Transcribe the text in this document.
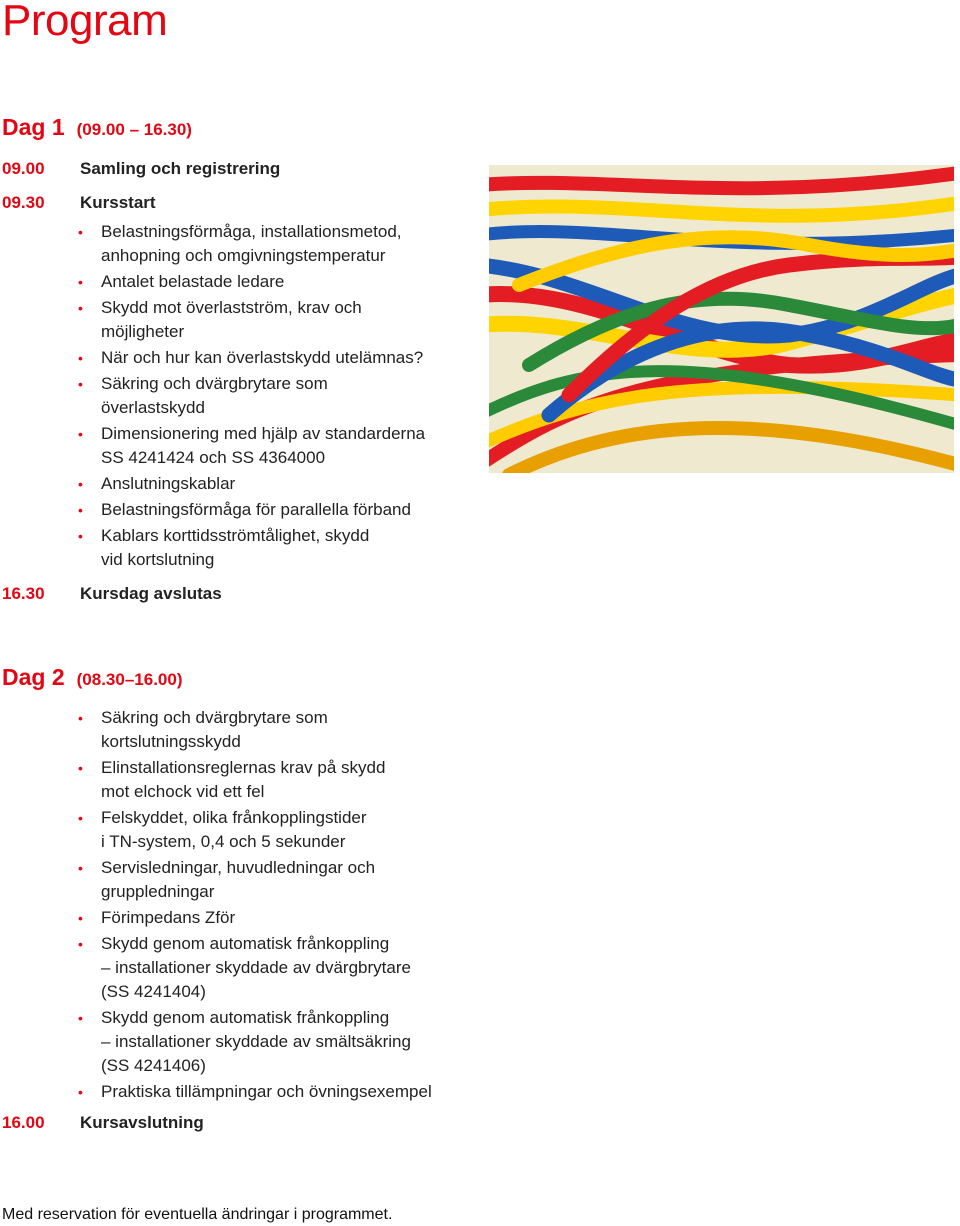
Program
Dag 1 (09.00 – 16.30)
09.00 Samling och registrering
09.30 Kursstart
• Belastningsförmåga, installationsmetod,
anhopning och omgivningstemperatur
• Antalet belastade ledare
• Skydd mot överlastström, krav och
möjligheter
• När och hur kan överlastskydd utelämnas?
• Säkring och dvärgbrytare som
överlastskydd
• Dimensionering med hjälp av standarderna
SS 4241424 och SS 4364000
• Anslutningskablar
• Belastningsförmåga för parallella förband
• Kablars korttidsströmtålighet, skydd
vid kortslutning
16.30 Kursdag avslutas
Dag 2 (08.30–16.00)
• Säkring och dvärgbrytare som
kortslutningsskydd
• Elinstallationsreglernas krav på skydd
mot elchock vid ett fel
• Felskyddet, olika frånkopplingstider
i TN-system, 0,4 och 5 sekunder
• Servisledningar, huvudledningar och
gruppledningar
• Förimpedans Zför
• Skydd genom automatisk frånkoppling
– installationer skyddade av dvärgbrytare
(SS 4241404)
• Skydd genom automatisk frånkoppling
– installationer skyddade av smältsäkring
(SS 4241406)
• Praktiska tillämpningar och övningsexempel
16.00 Kursavslutning
Med reservation för eventuella ändringar i programmet.
